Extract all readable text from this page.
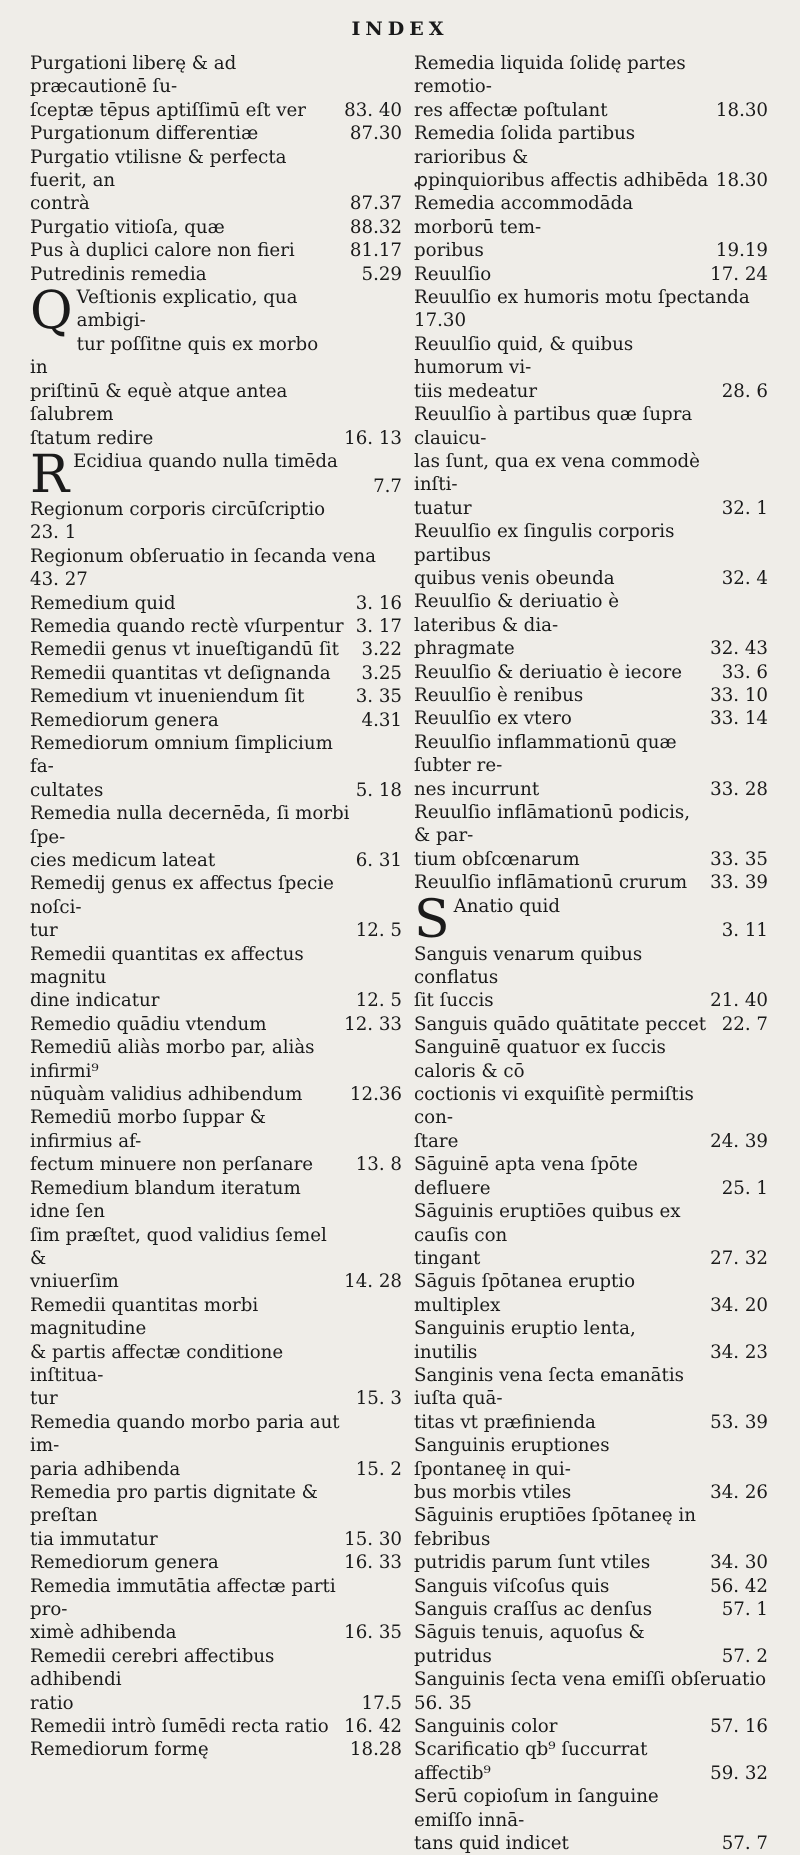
INDEX
Purgationi liberę & ad præcautionē ſu-
ſceptæ tēpus aptiſſimū eſt ver	83. 40
Purgationum differentiæ	87.30
Purgatio vtilisne & perfecta fuerit, an
contrà	87.37
Purgatio vitioſa, quæ	88.32
Pus à duplici calore non fieri	81.17
Putredinis remedia	5.29
Q Veſtionis explicatio, qua ambigi-
tur poſſitne quis ex morbo in
priſtinū & equè atque antea ſalubrem
ſtatum redire	16. 13
R Ecidiua quando nulla timēda
7.7
Regionum corporis circūſcriptio
23. 1
Regionum obſeruatio in ſecanda vena
43. 27
Remedium quid	3. 16
Remedia quando rectè vſurpentur 3. 17
Remedii genus vt inueſtigandū ſit	3.22
Remedii quantitas vt deſignanda	3.25
Remedium vt inueniendum ſit	3. 35
Remediorum genera	4.31
Remediorum omnium ſimplicium fa-
cultates	5. 18
Remedia nulla decernēda, ſi morbi ſpe-
cies medicum lateat	6. 31
Remedij genus ex affectus ſpecie noſci-
tur	12. 5
Remedii quantitas ex affectus magnitu
dine indicatur	12. 5
Remedio quādiu vtendum	12. 33
Remediū aliàs morbo par, aliàs infirmi⁹
nūquàm validius adhibendum	12.36
Remediū morbo ſuppar & infirmius af-
fectum minuere non perſanare	13. 8
Remedium blandum iteratum idne ſen
ſim præſtet, quod validius ſemel &
vniuerſim	14. 28
Remedii quantitas morbi magnitudine
& partis affectæ conditione inſtitua-
tur	15. 3
Remedia quando morbo paria aut im-
paria adhibenda	15. 2
Remedia pro partis dignitate & preſtan
tia immutatur	15. 30
Remediorum genera	16. 33
Remedia immutātia affectæ parti pro-
ximè adhibenda	16. 35
Remedii cerebri affectibus adhibendi
ratio	17.5
Remedii intrò ſumēdi recta ratio 16. 42
Remediorum formę	18.28
Remedia liquida ſolidę partes remotio-
res affectæ poſtulant	18.30
Remedia ſolida partibus rarioribus &
ꝓpinquioribus affectis adhibēda 18.30
Remedia accommodāda morborū tem-
poribus	19.19
Reuulſio	17. 24
Reuulſio ex humoris motu ſpectanda
17.30
Reuulſio quid, & quibus humorum vi-
tiis medeatur	28. 6
Reuulſio à partibus quæ ſupra clauicu-
las ſunt, qua ex vena commodè inſti-
tuatur	32. 1
Reuulſio ex ſingulis corporis partibus
quibus venis obeunda	32. 4
Reuulſio & deriuatio è lateribus & dia-
phragmate	32. 43
Reuulſio & deriuatio è iecore	33. 6
Reuulſio è renibus	33. 10
Reuulſio ex vtero	33. 14
Reuulſio inflammationū quæ ſubter re-
nes incurrunt	33. 28
Reuulſio inflāmationū podicis, & par-
tium obſcœnarum	33. 35
Reuulſio inflāmationū crurum	33. 39
S Anatio quid
3. 11
Sanguis venarum quibus conflatus
ſit ſuccis	21. 40
Sanguis quādo quātitate peccet 22. 7
Sanguinē quatuor ex ſuccis caloris & cō
coctionis vi exquiſitè permiſtis con-
ſtare	24. 39
Sāguinē apta vena ſpōte defluere	25. 1
Sāguinis eruptiōes quibus ex cauſis con
tingant	27. 32
Sāguis ſpōtanea eruptio multiplex	34. 20
Sanguinis eruptio lenta, inutilis	34. 23
Sanginis vena ſecta emanātis iuſta quā-
titas vt præfinienda	53. 39
Sanguinis eruptiones ſpontaneę in qui-
bus morbis vtiles	34. 26
Sāguinis eruptiōes ſpōtaneę in febribus
putridis parum ſunt vtiles	34. 30
Sanguis viſcoſus quis	56. 42
Sanguis craſſus ac denſus	57. 1
Sāguis tenuis, aquoſus & putridus	57. 2
Sanguinis ſecta vena emiſſi obſeruatio
56. 35
Sanguinis color	57. 16
Scarificatio qb⁹ ſuccurrat affectib⁹	59. 32
Serū copioſum in ſanguine emiſſo innā-
tans quid indicet	57. 7
